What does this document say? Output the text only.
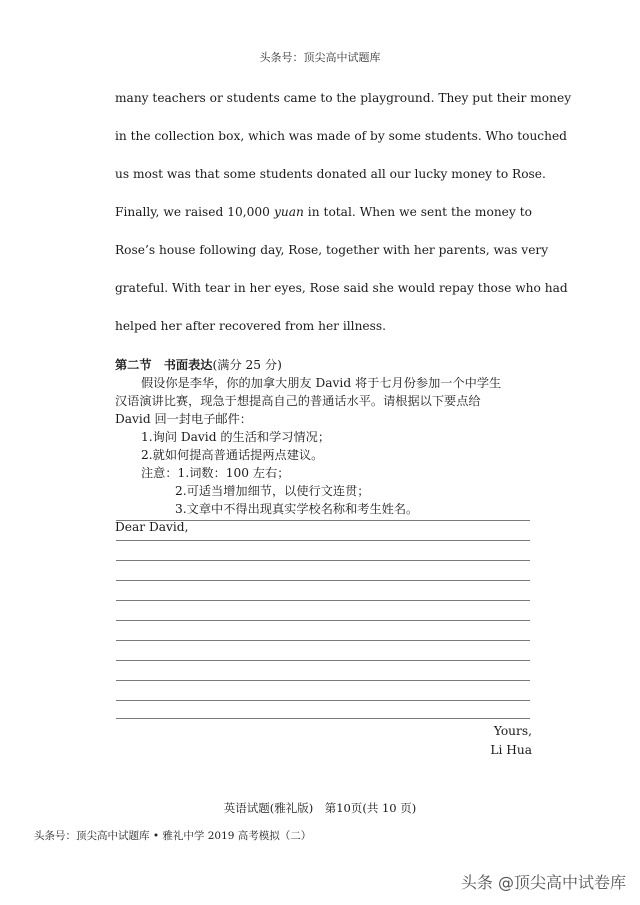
头条号：顶尖高中试题库
many teachers or students came to the playground. They put their money
in the collection box, which was made of by some students. Who touched
us most was that some students donated all our lucky money to Rose.
Finally, we raised 10,000 yuan in total. When we sent the money to
Rose’s house following day, Rose, together with her parents, was very
grateful. With tear in her eyes, Rose said she would repay those who had
helped her after recovered from her illness.
第二节　书面表达(满分 25 分)
假设你是李华，你的加拿大朋友 David 将于七月份参加一个中学生
汉语演讲比赛，现急于想提高自己的普通话水平。请根据以下要点给
David 回一封电子邮件：
1.询问 David 的生活和学习情况；
2.就如何提高普通话提两点建议。
注意：1.词数：100 左右；
2.可适当增加细节，以使行文连贯；
3.文章中不得出现真实学校名称和考生姓名。
Dear David,
Yours,
Li Hua
英语试题(雅礼版)　第10页(共 10 页)
头条号：顶尖高中试题库 • 雅礼中学 2019 高考模拟（二）
头条 @顶尖高中试卷库
